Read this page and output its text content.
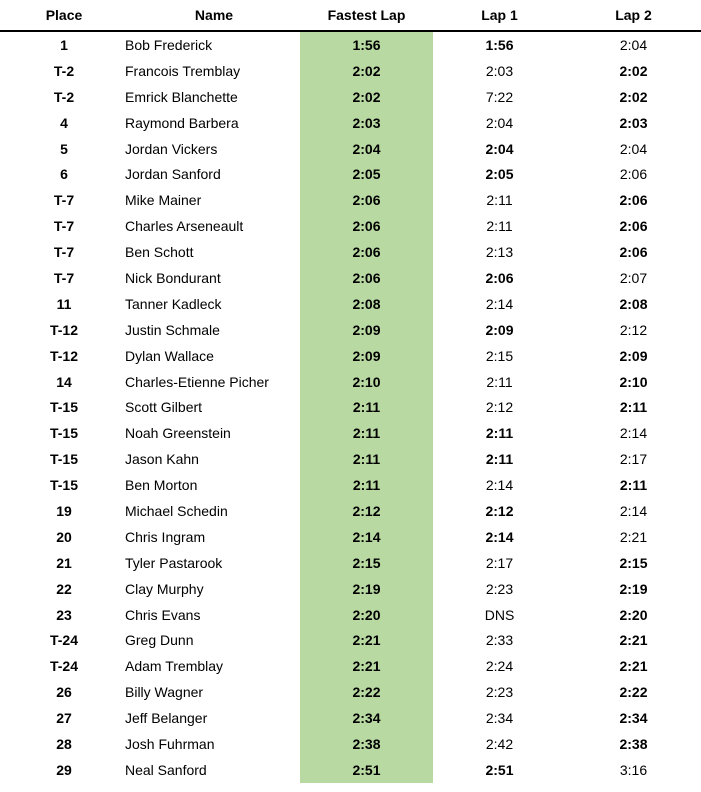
Place	Name	Fastest Lap	Lap 1	Lap 2
1	Bob Frederick	1:56	1:56	2:04
T-2	Francois Tremblay	2:02	2:03	2:02
T-2	Emrick Blanchette	2:02	7:22	2:02
4	Raymond Barbera	2:03	2:04	2:03
5	Jordan Vickers	2:04	2:04	2:04
6	Jordan Sanford	2:05	2:05	2:06
T-7	Mike Mainer	2:06	2:11	2:06
T-7	Charles Arseneault	2:06	2:11	2:06
T-7	Ben Schott	2:06	2:13	2:06
T-7	Nick Bondurant	2:06	2:06	2:07
11	Tanner Kadleck	2:08	2:14	2:08
T-12	Justin Schmale	2:09	2:09	2:12
T-12	Dylan Wallace	2:09	2:15	2:09
14	Charles-Etienne Picher	2:10	2:11	2:10
T-15	Scott Gilbert	2:11	2:12	2:11
T-15	Noah Greenstein	2:11	2:11	2:14
T-15	Jason Kahn	2:11	2:11	2:17
T-15	Ben Morton	2:11	2:14	2:11
19	Michael Schedin	2:12	2:12	2:14
20	Chris Ingram	2:14	2:14	2:21
21	Tyler Pastarook	2:15	2:17	2:15
22	Clay Murphy	2:19	2:23	2:19
23	Chris Evans	2:20	DNS	2:20
T-24	Greg Dunn	2:21	2:33	2:21
T-24	Adam Tremblay	2:21	2:24	2:21
26	Billy Wagner	2:22	2:23	2:22
27	Jeff Belanger	2:34	2:34	2:34
28	Josh Fuhrman	2:38	2:42	2:38
29	Neal Sanford	2:51	2:51	3:16
